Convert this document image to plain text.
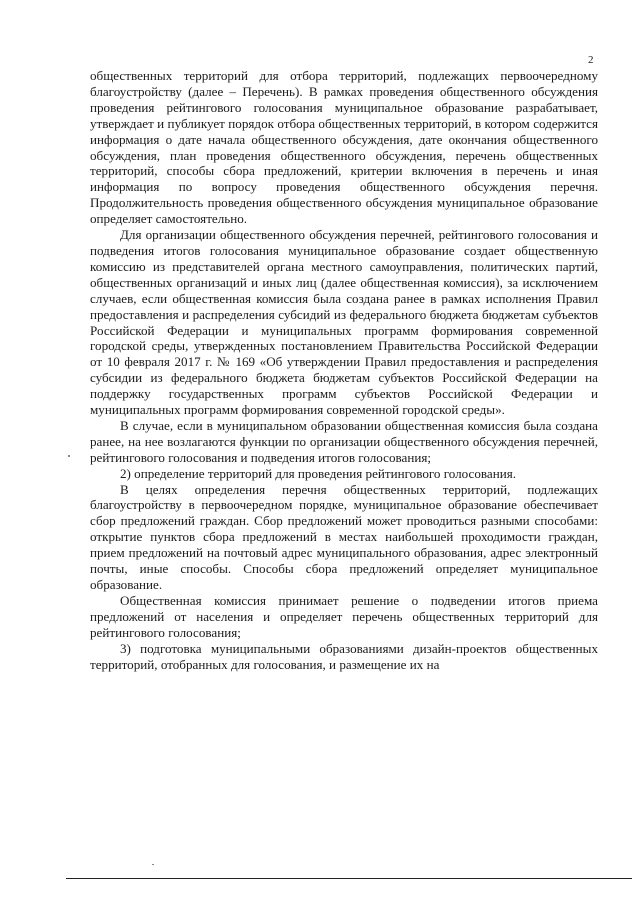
2

общественных территорий для отбора территорий, подлежащих первоочередному благоустройству (далее – Перечень). В рамках проведения общественного обсуждения проведения рейтингового голосования муниципальное образование разрабатывает, утверждает и публикует порядок отбора общественных территорий, в котором содержится информация о дате начала общественного обсуждения, дате окончания общественного обсуждения, план проведения общественного обсуждения, перечень общественных территорий, способы сбора предложений, критерии включения в перечень и иная информация по вопросу проведения общественного обсуждения перечня. Продолжительность проведения общественного обсуждения муниципальное образование определяет самостоятельно.

Для организации общественного обсуждения перечней, рейтингового голосования и подведения итогов голосования муниципальное образование создает общественную комиссию из представителей органа местного самоуправления, политических партий, общественных организаций и иных лиц (далее общественная комиссия), за исключением случаев, если общественная комиссия была создана ранее в рамках исполнения Правил предоставления и распределения субсидий из федерального бюджета бюджетам субъектов Российской Федерации и муниципальных программ формирования современной городской среды, утвержденных постановлением Правительства Российской Федерации от 10 февраля 2017 г. № 169 «Об утверждении Правил предоставления и распределения субсидии из федерального бюджета бюджетам субъектов Российской Федерации на поддержку государственных программ субъектов Российской Федерации и муниципальных программ формирования современной городской среды».

В случае, если в муниципальном образовании общественная комиссия была создана ранее, на нее возлагаются функции по организации общественного обсуждения перечней, рейтингового голосования и подведения итогов голосования;

2) определение территорий для проведения рейтингового голосования.

В целях определения перечня общественных территорий, подлежащих благоустройству в первоочередном порядке, муниципальное образование обеспечивает сбор предложений граждан. Сбор предложений может проводиться разными способами: открытие пунктов сбора предложений в местах наибольшей проходимости граждан, прием предложений на почтовый адрес муниципального образования, адрес электронный почты, иные способы. Способы сбора предложений определяет муниципальное образование.

Общественная комиссия принимает решение о подведении итогов приема предложений от населения и определяет перечень общественных территорий для рейтингового голосования;

3) подготовка муниципальными образованиями дизайн-проектов общественных территорий, отобранных для голосования, и размещение их на
